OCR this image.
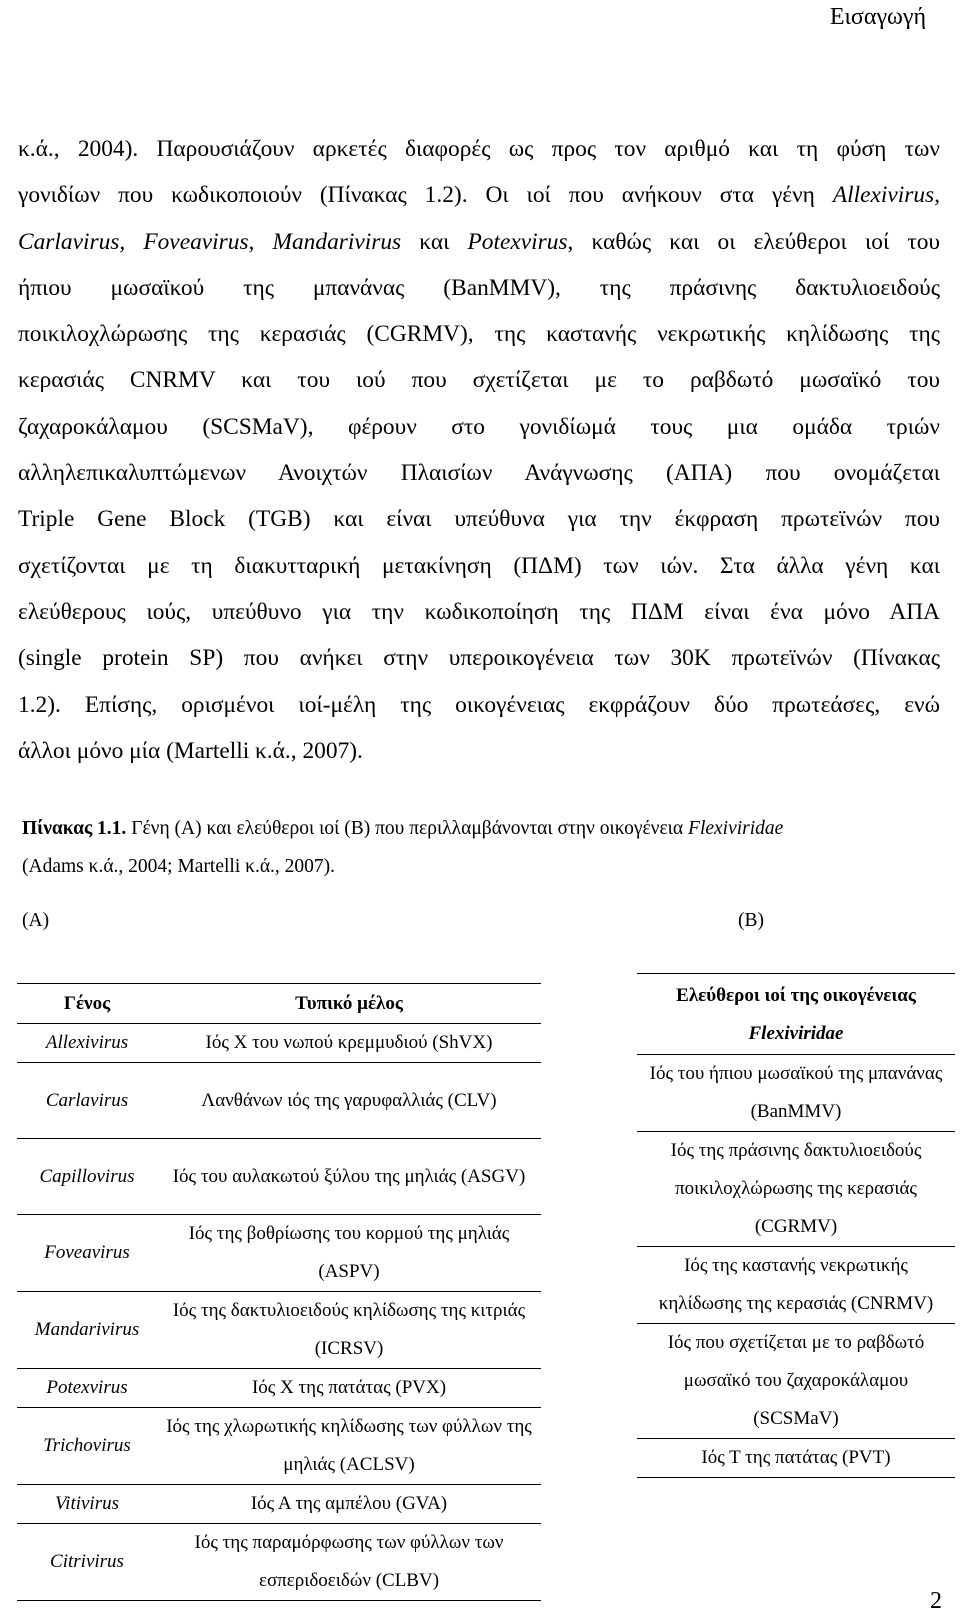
Εισαγωγή

κ.ά., 2004). Παρουσιάζουν αρκετές διαφορές ως προς τον αριθμό και τη φύση των
γονιδίων που κωδικοποιούν (Πίνακας 1.2). Οι ιοί που ανήκουν στα γένη Allexivirus,
Carlavirus, Foveavirus, Mandarivirus και Potexvirus, καθώς και οι ελεύθεροι ιοί του
ήπιου μωσαϊκού της μπανάνας (BanMMV), της πράσινης δακτυλιοειδούς
ποικιλοχλώρωσης της κερασιάς (CGRMV), της καστανής νεκρωτικής κηλίδωσης της
κερασιάς CNRMV και του ιού που σχετίζεται με το ραβδωτό μωσαϊκό του
ζαχαροκάλαμου (SCSMaV), φέρουν στο γονιδίωμά τους μια ομάδα τριών
αλληλεπικαλυπτώμενων Ανοιχτών Πλαισίων Ανάγνωσης (ΑΠΑ) που ονομάζεται
Triple Gene Block (TGB) και είναι υπεύθυνα για την έκφραση πρωτεϊνών που
σχετίζονται με τη διακυτταρική μετακίνηση (ΠΔΜ) των ιών. Στα άλλα γένη και
ελεύθερους ιούς, υπεύθυνο για την κωδικοποίηση της ΠΔΜ είναι ένα μόνο ΑΠΑ
(single protein SP) που ανήκει στην υπεροικογένεια των 30Κ πρωτεϊνών (Πίνακας
1.2). Επίσης, ορισμένοι ιοί-μέλη της οικογένειας εκφράζουν δύο πρωτεάσες, ενώ
άλλοι μόνο μία (Martelli κ.ά., 2007).

Πίνακας 1.1. Γένη (Α) και ελεύθεροι ιοί (Β) που περιλλαμβάνονται στην οικογένεια Flexiviridae
(Adams κ.ά., 2004; Martelli κ.ά., 2007).

(A)	(B)
Γένος	Τυπικό μέλος
Allexivirus	Ιός Χ του νωπού κρεμμυδιού (ShVX)
Carlavirus	Λανθάνων ιός της γαρυφαλλιάς (CLV)
Capillovirus	Ιός του αυλακωτού ξύλου της μηλιάς (ASGV)
Foveavirus	Ιός της βοθρίωσης του κορμού της μηλιάς (ASPV)
Mandarivirus	Ιός της δακτυλιοειδούς κηλίδωσης της κιτριάς (ICRSV)
Potexvirus	Ιός Χ της πατάτας (PVX)
Trichovirus	Ιός της χλωρωτικής κηλίδωσης των φύλλων της μηλιάς (ACLSV)
Vitivirus	Ιός Α της αμπέλου (GVA)
Citrivirus	Ιός της παραμόρφωσης των φύλλων των εσπεριδοειδών (CLBV)
Ελεύθεροι ιοί της οικογένειας Flexiviridae
Ιός του ήπιου μωσαϊκού της μπανάνας (BanMMV)
Ιός της πράσινης δακτυλιοειδούς ποικιλοχλώρωσης της κερασιάς (CGRMV)
Ιός της καστανής νεκρωτικής κηλίδωσης της κερασιάς (CNRMV)
Ιός που σχετίζεται με το ραβδωτό μωσαϊκό του ζαχαροκάλαμου (SCSMaV)
Ιός Τ της πατάτας (PVT)
2
